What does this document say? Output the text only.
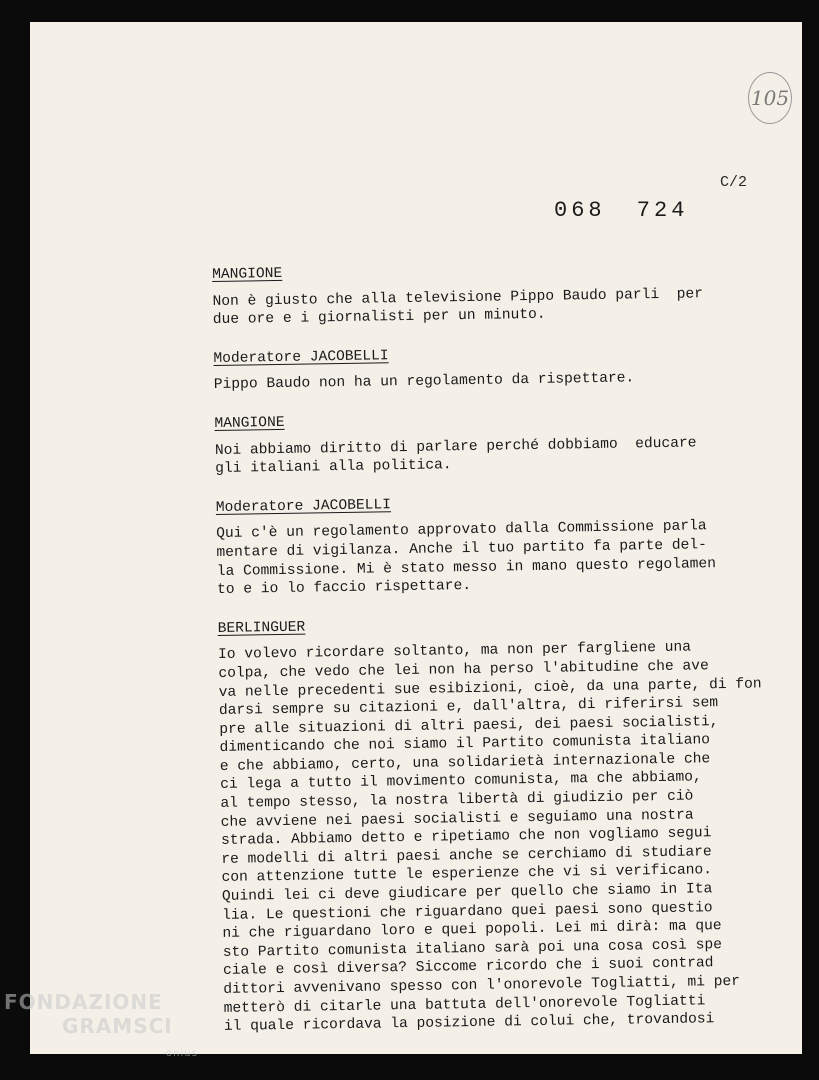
105
C/2
068 724
MANGIONE
Non è giusto che alla televisione Pippo Baudo parli  per
due ore e i giornalisti per un minuto.
Moderatore JACOBELLI
Pippo Baudo non ha un regolamento da rispettare.
MANGIONE
Noi abbiamo diritto di parlare perché dobbiamo  educare
gli italiani alla politica.
Moderatore JACOBELLI
Qui c'è un regolamento approvato dalla Commissione parla
mentare di vigilanza. Anche il tuo partito fa parte del-
la Commissione. Mi è stato messo in mano questo regolamen
to e io lo faccio rispettare.
BERLINGUER
Io volevo ricordare soltanto, ma non per fargliene una
colpa, che vedo che lei non ha perso l'abitudine che ave
va nelle precedenti sue esibizioni, cioè, da una parte, di fon
darsi sempre su citazioni e, dall'altra, di riferirsi sem
pre alle situazioni di altri paesi, dei paesi socialisti,
dimenticando che noi siamo il Partito comunista italiano
e che abbiamo, certo, una solidarietà internazionale che
ci lega a tutto il movimento comunista, ma che abbiamo,
al tempo stesso, la nostra libertà di giudizio per ciò
che avviene nei paesi socialisti e seguiamo una nostra
strada. Abbiamo detto e ripetiamo che non vogliamo segui
re modelli di altri paesi anche se cerchiamo di studiare
con attenzione tutte le esperienze che vi si verificano.
Quindi lei ci deve giudicare per quello che siamo in Ita
lia. Le questioni che riguardano quei paesi sono questio
ni che riguardano loro e quei popoli. Lei mi dirà: ma que
sto Partito comunista italiano sarà poi una cosa così spe
ciale e così diversa? Siccome ricordo che i suoi contrad
dittori avvenivano spesso con l'onorevole Togliatti, mi per
metterò di citarle una battuta dell'onorevole Togliatti
il quale ricordava la posizione di colui che, trovandosi
FONDAZIONE
GRAMSCI
onlus
